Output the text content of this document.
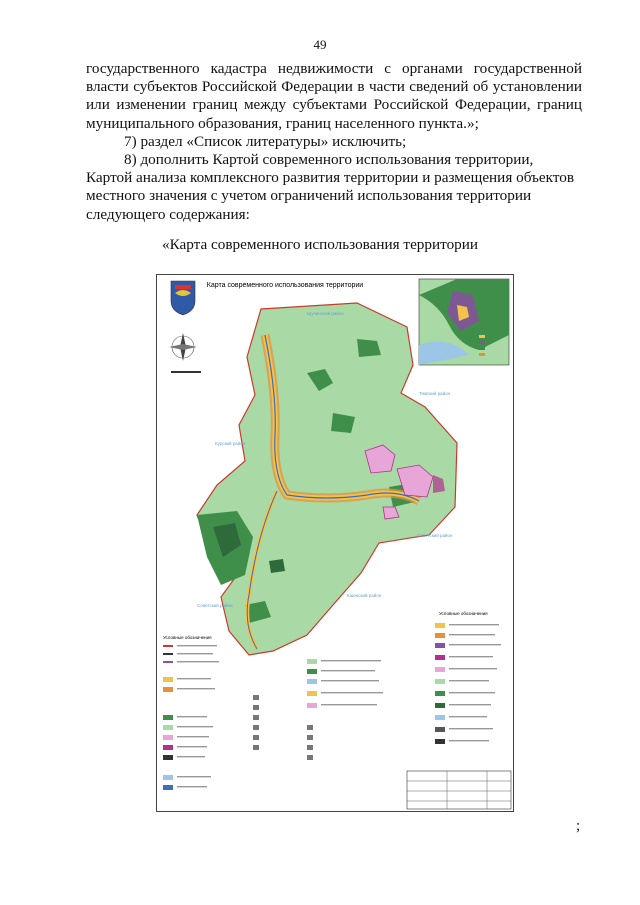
49

государственного кадастра недвижимости с органами государственной власти субъектов Российской Федерации в части сведений об установлении или изменении границ между субъектами Российской Федерации, границ муниципального образования, границ населенного пункта.»;

7) раздел «Список литературы» исключить;

8) дополнить Картой современного использования территории, Картой анализа комплексного развития территории и размещения объектов местного значения с учетом ограничений использования территории следующего содержания:

«Карта современного использования территории
Карта современного использования территории
Щучинский район
Тимский район
Курский район
Советский район
Кшенский район
Советский район
Условные обозначения
Условные обозначения
;
